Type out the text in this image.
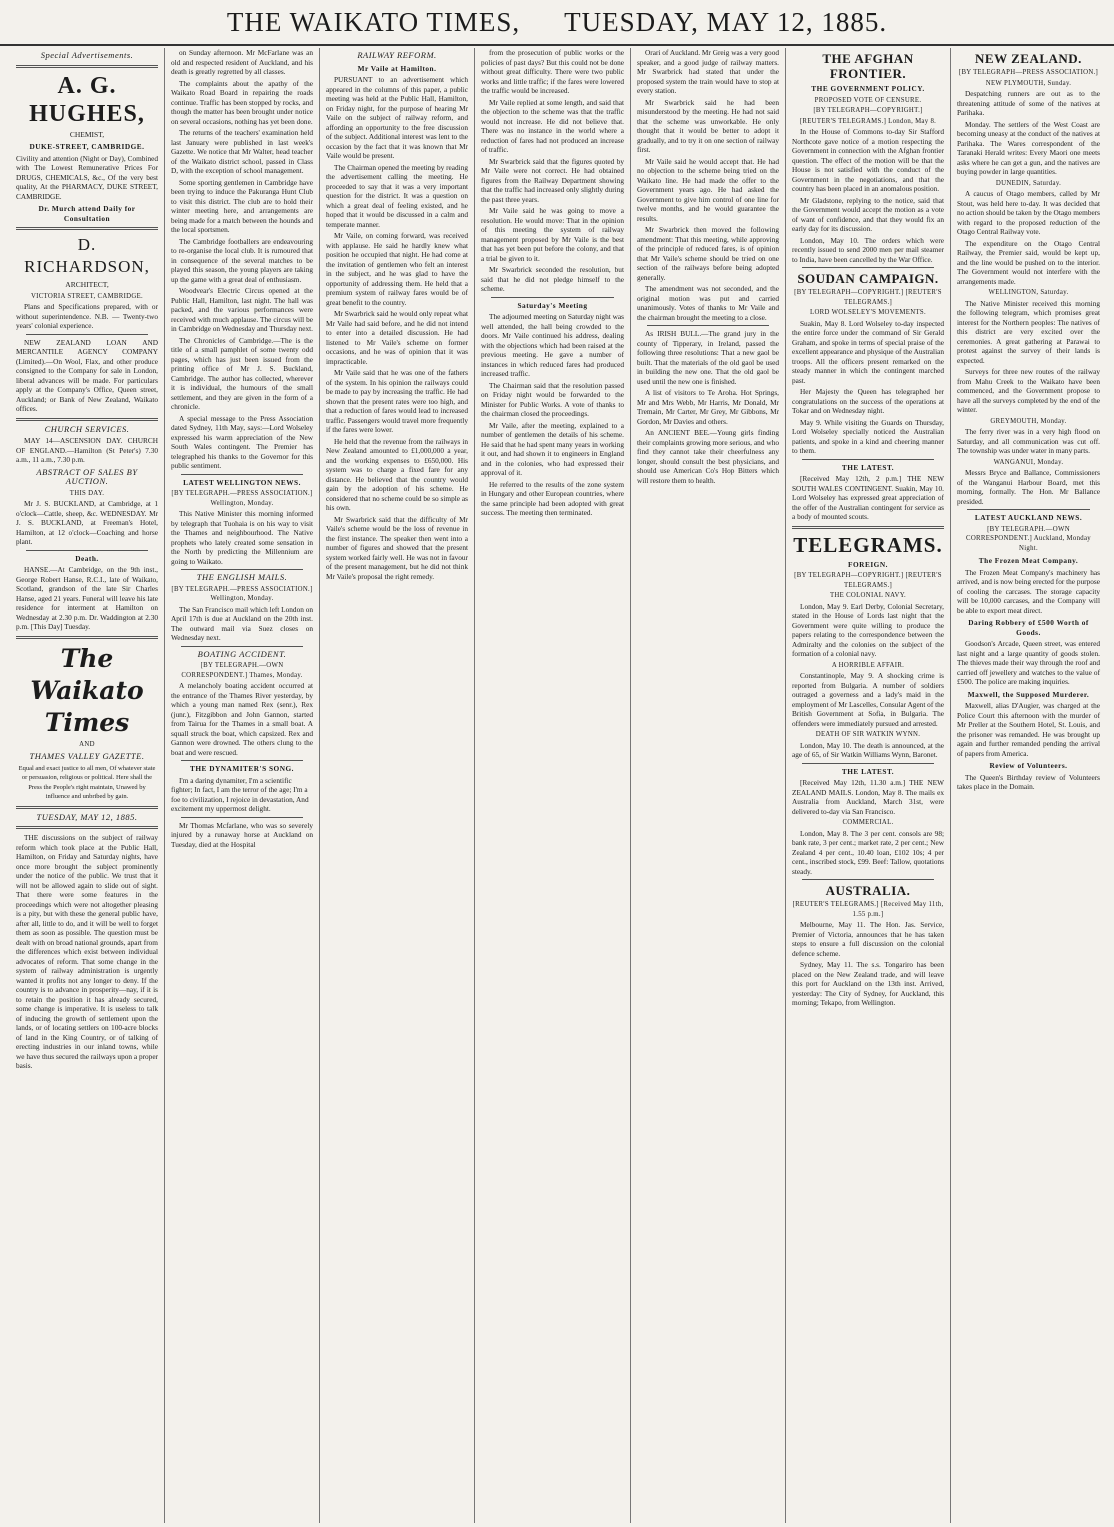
THE WAIKATO TIMES, TUESDAY, MAY 12, 1885.
Special Advertisements.
A. G. HUGHES,
CHEMIST,
DUKE-STREET, CAMBRIDGE.

Civility and attention (Night or Day), Combined with The Lowest Remunerative Prices For DRUGS, CHEMICALS, &c., Of the very best quality, At the PHARMACY, DUKE STREET, CAMBRIDGE.

Dr. Murch attend Daily for Consultation
D. RICHARDSON,
ARCHITECT,
VICTORIA STREET, CAMBRIDGE.

Plans and Specifications prepared, with or without superintendence. N.B. — Twenty-two years' colonial experience.

NEW ZEALAND LOAN AND MERCANTILE AGENCY COMPANY (Limited).—On Wool, Flax, and other produce consigned to the Company for sale in London, liberal advances will be made. For particulars apply at the Company's Office, Queen street, Auckland; or Bank of New Zealand, Waikato offices.

CHURCH SERVICES.

MAY 14—ASCENSION DAY. CHURCH OF ENGLAND.—Hamilton (St Peter's) 7.30 a.m., 11 a.m., 7.30 p.m.

ABSTRACT OF SALES BY AUCTION.
THIS DAY.

Mr J. S. BUCKLAND, at Cambridge, at 1 o'clock—Cattle, sheep, &c. WEDNESDAY. Mr J. S. BUCKLAND, at Freeman's Hotel, Hamilton, at 12 o'clock—Coaching and horse plant.

Death.

HANSE.—At Cambridge, on the 9th inst., George Robert Hanse, R.C.I., late of Waikato, Scotland, grandson of the late Sir Charles Hanse, aged 21 years. Funeral will leave his late residence for interment at Hamilton on Wednesday at 2.30 p.m. Dr. Waddington at 2.30 p.m. [This Day] Tuesday.

The Waikato Times
AND
THAMES VALLEY GAZETTE.

Equal and exact justice to all men, Of whatever state or persuasion, religious or political. Here shall the Press the People's right maintain, Unawed by influence and unbribed by gain.

TUESDAY, MAY 12, 1885.

THE discussions on the subject of railway reform which took place at the Public Hall, Hamilton, on Friday and Saturday nights, have once more brought the subject prominently under the notice of the public. We trust that it will not be allowed again to slide out of sight. That there were some features in the proceedings which were not altogether pleasing is a pity, but with these the general public have, after all, little to do, and it will be well to forget them as soon as possible. The question must be dealt with on broad national grounds, apart from the differences which exist between individual advocates of reform. That some change in the system of railway administration is urgently wanted it profits not any longer to deny. If the country is to advance in prosperity—nay, if it is to retain the position it has already secured, some change is imperative. It is useless to talk of inducing the growth of settlement upon the lands, or of locating settlers on 100-acre blocks of land in the King Country, or of talking of erecting industries in our inland towns, while we have thus secured the railways upon a proper basis.

on Sunday afternoon. Mr McFarlane was an old and respected resident of Auckland, and his death is greatly regretted by all classes.

The complaints about the apathy of the Waikato Road Board in repairing the roads continue. Traffic has been stopped by rocks, and though the matter has been brought under notice on several occasions, nothing has yet been done.

The returns of the teachers' examination held last January were published in last week's Gazette. We notice that Mr Walter, head teacher of the Waikato district school, passed in Class D, with the exception of school management.

Some sporting gentlemen in Cambridge have been trying to induce the Pakuranga Hunt Club to visit this district. The club are to hold their winter meeting here, and arrangements are being made for a match between the hounds and the local sportsmen.

The Cambridge footballers are endeavouring to re-organise the local club. It is rumoured that in consequence of the several matches to be played this season, the young players are taking up the game with a great deal of enthusiasm.

Woodvear's Electric Circus opened at the Public Hall, Hamilton, last night. The hall was packed, and the various performances were received with much applause. The circus will be in Cambridge on Wednesday and Thursday next.

The Chronicles of Cambridge.—The is the title of a small pamphlet of some twenty odd pages, which has just been issued from the printing office of Mr J. S. Buckland, Cambridge. The author has collected, wherever it is individual, the humours of the small settlement, and they are given in the form of a chronicle.

A special message to the Press Association dated Sydney, 11th May, says:—Lord Wolseley expressed his warm appreciation of the New South Wales contingent. The Premier has telegraphed his thanks to the Governor for this public sentiment.

LATEST WELLINGTON NEWS.
[BY TELEGRAPH.—PRESS ASSOCIATION.] Wellington, Monday.

This Native Minister this morning informed by telegraph that Tuohaia is on his way to visit the Thames and neighbourhood. The Native prophets who lately created some sensation in the North by predicting the Millennium are going to Waikato.

THE ENGLISH MAILS.
[BY TELEGRAPH.—PRESS ASSOCIATION.] Wellington, Monday.

The San Francisco mail which left London on April 17th is due at Auckland on the 20th inst. The outward mail via Suez closes on Wednesday next.

BOATING ACCIDENT.
[BY TELEGRAPH.—OWN CORRESPONDENT.] Thames, Monday.

A melancholy boating accident occurred at the entrance of the Thames River yesterday, by which a young man named Rex (senr.), Rex (junr.), Fitzgibbon and John Gannon, started from Tairua for the Thames in a small boat. A squall struck the boat, which capsized. Rex and Gannon were drowned. The others clung to the boat and were rescued.

THE DYNAMITER'S SONG.

I'm a daring dynamiter, I'm a scientific fighter; In fact, I am the terror of the age; I'm a foe to civilization, I rejoice in devastation, And excitement my uppermost delight.

Mr Thomas Mcfarlane, who was so severely injured by a runaway horse at Auckland on Tuesday, died at the Hospital

RAILWAY REFORM.
Mr Vaile at Hamilton.

PURSUANT to an advertisement which appeared in the columns of this paper, a public meeting was held at the Public Hall, Hamilton, on Friday night, for the purpose of hearing Mr Vaile on the subject of railway reform, and affording an opportunity to the free discussion of the subject. Additional interest was lent to the occasion by the fact that it was known that Mr Vaile would be present.

The Chairman opened the meeting by reading the advertisement calling the meeting. He proceeded to say that it was a very important question for the district. It was a question on which a great deal of feeling existed, and he hoped that it would be discussed in a calm and temperate manner.

Mr Vaile, on coming forward, was received with applause. He said he hardly knew what position he occupied that night. He had come at the invitation of gentlemen who felt an interest in the subject, and he was glad to have the opportunity of addressing them. He held that a premium system of railway fares would be of great benefit to the country.

Mr Swarbrick said he would only repeat what Mr Vaile had said before, and he did not intend to enter into a detailed discussion. He had listened to Mr Vaile's scheme on former occasions, and he was of opinion that it was impracticable.

Mr Vaile said that he was one of the fathers of the system. In his opinion the railways could be made to pay by increasing the traffic. He had shown that the present rates were too high, and that a reduction of fares would lead to increased traffic. Passengers would travel more frequently if the fares were lower.

He held that the revenue from the railways in New Zealand amounted to £1,000,000 a year, and the working expenses to £650,000. His system was to charge a fixed fare for any distance. He believed that the country would gain by the adoption of his scheme. He considered that no scheme could be so simple as his own.

Mr Swarbrick said that the difficulty of Mr Vaile's scheme would be the loss of revenue in the first instance. The speaker then went into a number of figures and showed that the present system worked fairly well. He was not in favour of the present management, but he did not think Mr Vaile's proposal the right remedy.

from the prosecution of public works or the policies of past days? But this could not be done without great difficulty. There were two public works and little traffic; if the fares were lowered the traffic would be increased.

Mr Vaile replied at some length, and said that the objection to the scheme was that the traffic would not increase. He did not believe that. There was no instance in the world where a reduction of fares had not produced an increase of traffic.

Mr Swarbrick said that the figures quoted by Mr Vaile were not correct. He had obtained figures from the Railway Department showing that the traffic had increased only slightly during the past three years.

Mr Vaile said he was going to move a resolution. He would move: That in the opinion of this meeting the system of railway management proposed by Mr Vaile is the best that has yet been put before the colony, and that a trial be given to it.

Mr Swarbrick seconded the resolution, but said that he did not pledge himself to the scheme.

Saturday's Meeting

The adjourned meeting on Saturday night was well attended, the hall being crowded to the doors. Mr Vaile continued his address, dealing with the objections which had been raised at the previous meeting. He gave a number of instances in which reduced fares had produced increased traffic.

The Chairman said that the resolution passed on Friday night would be forwarded to the Minister for Public Works. A vote of thanks to the chairman closed the proceedings.

Mr Vaile, after the meeting, explained to a number of gentlemen the details of his scheme. He said that he had spent many years in working it out, and had shown it to engineers in England and in the colonies, who had expressed their approval of it.

He referred to the results of the zone system in Hungary and other European countries, where the same principle had been adopted with great success. The meeting then terminated.

Orari of Auckland. Mr Greig was a very good speaker, and a good judge of railway matters. Mr Swarbrick had stated that under the proposed system the train would have to stop at every station.

Mr Swarbrick said he had been misunderstood by the meeting. He had not said that the scheme was unworkable. He only thought that it would be better to adopt it gradually, and to try it on one section of railway first.

Mr Vaile said he would accept that. He had no objection to the scheme being tried on the Waikato line. He had made the offer to the Government years ago. He had asked the Government to give him control of one line for twelve months, and he would guarantee the results.

Mr Swarbrick then moved the following amendment: That this meeting, while approving of the principle of reduced fares, is of opinion that Mr Vaile's scheme should be tried on one section of the railways before being adopted generally.

The amendment was not seconded, and the original motion was put and carried unanimously. Votes of thanks to Mr Vaile and the chairman brought the meeting to a close.

As IRISH BULL.—The grand jury in the county of Tipperary, in Ireland, passed the following three resolutions: That a new gaol be built. That the materials of the old gaol be used in building the new one. That the old gaol be used until the new one is finished.

A list of visitors to Te Aroha. Hot Springs, Mr and Mrs Webb, Mr Harris, Mr Donald, Mr Tremain, Mr Carter, Mr Grey, Mr Gibbons, Mr Gordon, Mr Davies and others.

An ANCIENT BEE.—Young girls finding their complaints growing more serious, and who find they cannot take their cheerfulness any longer, should consult the best physicians, and should use American Co's Hop Bitters which will restore them to health.

THE AFGHAN FRONTIER.
THE GOVERNMENT POLICY.
PROPOSED VOTE OF CENSURE.
[BY TELEGRAPH—COPYRIGHT.]
[REUTER'S TELEGRAMS.] London, May 8.

In the House of Commons to-day Sir Stafford Northcote gave notice of a motion respecting the Government in connection with the Afghan frontier question. The effect of the motion will be that the House is not satisfied with the conduct of the Government in the negotiations, and that the country has been placed in an anomalous position.

Mr Gladstone, replying to the notice, said that the Government would accept the motion as a vote of want of confidence, and that they would fix an early day for its discussion.

London, May 10. The orders which were recently issued to send 2000 men per mail steamer to India, have been cancelled by the War Office.

SOUDAN CAMPAIGN.
[BY TELEGRAPH—COPYRIGHT.] [REUTER'S TELEGRAMS.]
LORD WOLSELEY'S MOVEMENTS.

Suakin, May 8. Lord Wolseley to-day inspected the entire force under the command of Sir Gerald Graham, and spoke in terms of special praise of the excellent appearance and physique of the Australian troops. All the officers present remarked on the steady manner in which the contingent marched past.

Her Majesty the Queen has telegraphed her congratulations on the success of the operations at Tokar and on Wednesday night.

May 9. While visiting the Guards on Thursday, Lord Wolseley specially noticed the Australian patients, and spoke in a kind and cheering manner to them.

THE LATEST.

[Received May 12th, 2 p.m.] THE NEW SOUTH WALES CONTINGENT. Suakin, May 10. Lord Wolseley has expressed great appreciation of the offer of the Australian contingent for service as a body of mounted scouts.

TELEGRAMS.
FOREIGN.
[BY TELEGRAPH—COPYRIGHT.] [REUTER'S TELEGRAMS.]
THE COLONIAL NAVY.

London, May 9. Earl Derby, Colonial Secretary, stated in the House of Lords last night that the Government were quite willing to produce the papers relating to the correspondence between the Admiralty and the colonies on the subject of the formation of a colonial navy.

A HORRIBLE AFFAIR.

Constantinople, May 9. A shocking crime is reported from Bulgaria. A number of soldiers outraged a governess and a lady's maid in the employment of Mr Lascelles, Consular Agent of the British Government at Sofia, in Bulgaria. The offenders were immediately pursued and arrested.

DEATH OF SIR WATKIN WYNN.

London, May 10. The death is announced, at the age of 65, of Sir Watkin Williams Wynn, Baronet.

THE LATEST.

[Received May 12th, 11.30 a.m.] THE NEW ZEALAND MAILS. London, May 8. The mails ex Australia from Auckland, March 31st, were delivered to-day via San Francisco.

COMMERCIAL.

London, May 8. The 3 per cent. consols are 98; bank rate, 3 per cent.; market rate, 2 per cent.; New Zealand 4 per cent., 10.40 loan, £102 10s; 4 per cent., inscribed stock, £99. Beef: Tallow, quotations steady.

AUSTRALIA.
[REUTER'S TELEGRAMS.] [Received May 11th, 1.55 p.m.]

Melbourne, May 11. The Hon. Jas. Service, Premier of Victoria, announces that he has taken steps to ensure a full discussion on the colonial defence scheme.

Sydney, May 11. The s.s. Tongariro has been placed on the New Zealand trade, and will leave this port for Auckland on the 13th inst. Arrived, yesterday: The City of Sydney, for Auckland, this morning; Tekapo, from Wellington.

NEW ZEALAND.
[BY TELEGRAPH—PRESS ASSOCIATION.]
NEW PLYMOUTH, Sunday.

Despatching runners are out as to the threatening attitude of some of the natives at Parihaka.

Monday. The settlers of the West Coast are becoming uneasy at the conduct of the natives at Parihaka. The Wares correspondent of the Taranaki Herald writes: Every Maori one meets asks where he can get a gun, and the natives are buying powder in large quantities.

DUNEDIN, Saturday.

A caucus of Otago members, called by Mr Stout, was held here to-day. It was decided that no action should be taken by the Otago members with regard to the proposed reduction of the Otago Central Railway vote.

The expenditure on the Otago Central Railway, the Premier said, would be kept up, and the line would be pushed on to the interior. The Government would not interfere with the arrangements made.

WELLINGTON, Saturday.

The Native Minister received this morning the following telegram, which promises great interest for the Northern peoples: The natives of this district are very excited over the ceremonies. A great gathering at Parawai to protest against the survey of their lands is expected.

Surveys for three new routes of the railway from Mahu Creek to the Waikato have been commenced, and the Government propose to have all the surveys completed by the end of the winter.

GREYMOUTH, Monday.

The ferry river was in a very high flood on Saturday, and all communication was cut off. The township was under water in many parts.

WANGANUI, Monday.

Messrs Bryce and Ballance, Commissioners of the Wanganui Harbour Board, met this morning, formally. The Hon. Mr Ballance presided.

LATEST AUCKLAND NEWS.
[BY TELEGRAPH.—OWN CORRESPONDENT.] Auckland, Monday Night.
The Frozen Meat Company.

The Frozen Meat Company's machinery has arrived, and is now being erected for the purpose of cooling the carcases. The storage capacity will be 10,000 carcases, and the Company will be able to export meat direct.

Daring Robbery of £500 Worth of Goods.

Goodson's Arcade, Queen street, was entered last night and a large quantity of goods stolen. The thieves made their way through the roof and carried off jewellery and watches to the value of £500. The police are making inquiries.

Maxwell, the Supposed Murderer.

Maxwell, alias D'Augier, was charged at the Police Court this afternoon with the murder of Mr Preller at the Southern Hotel, St. Louis, and the prisoner was remanded. He was brought up again and further remanded pending the arrival of papers from America.

Review of Volunteers.

The Queen's Birthday review of Volunteers takes place in the Domain.
